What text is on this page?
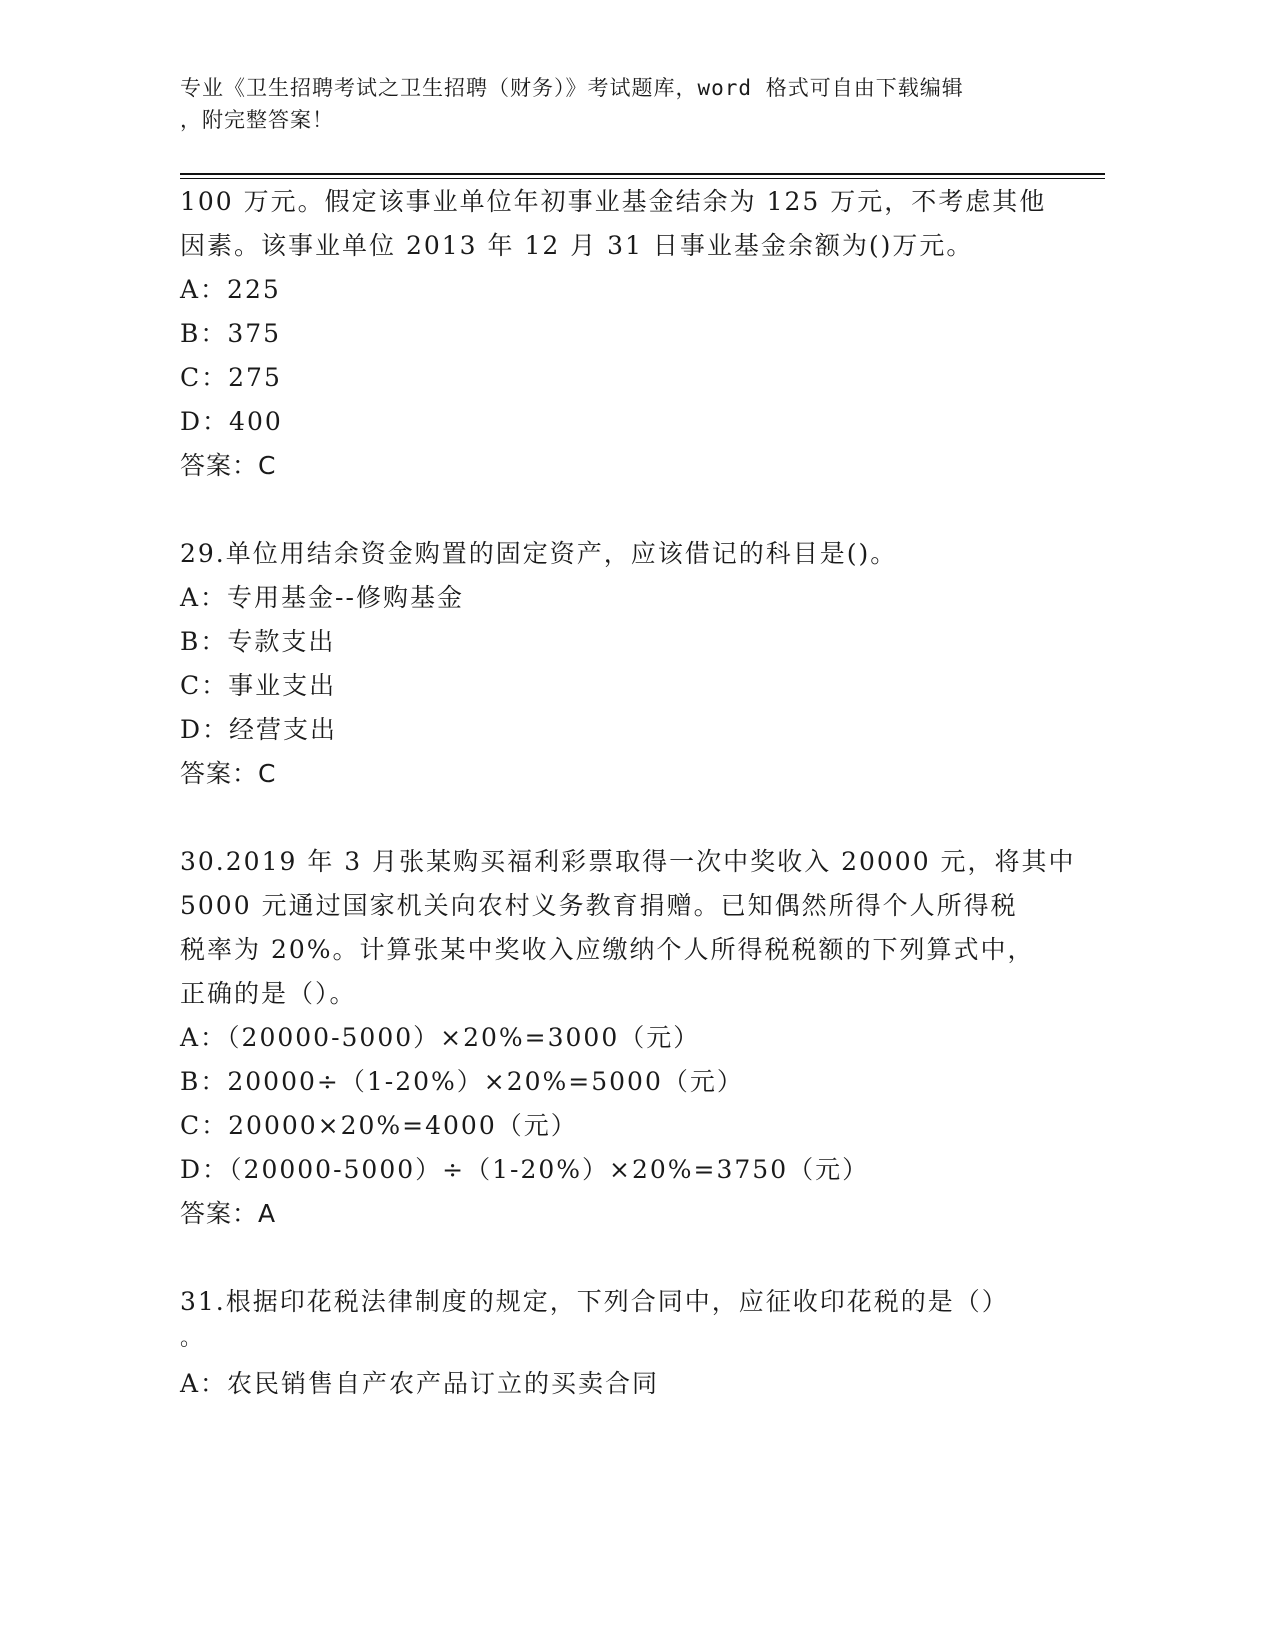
专业《卫生招聘考试之卫生招聘（财务）》考试题库，word 格式可自由下载编辑
，附完整答案！
100 万元。假定该事业单位年初事业基金结余为 125 万元，不考虑其他
因素。该事业单位 2013 年 12 月 31 日事业基金余额为()万元。
A：225
B：375
C：275
D：400
答案：C
29.单位用结余资金购置的固定资产，应该借记的科目是()。
A：专用基金--修购基金
B：专款支出
C：事业支出
D：经营支出
答案：C
30.2019 年 3 月张某购买福利彩票取得一次中奖收入 20000 元，将其中
5000 元通过国家机关向农村义务教育捐赠。已知偶然所得个人所得税
税率为 20%。计算张某中奖收入应缴纳个人所得税税额的下列算式中，
正确的是（）。
A：（20000-5000）×20%=3000（元）
B：20000÷（1-20%）×20%=5000（元）
C：20000×20%=4000（元）
D：（20000-5000）÷（1-20%）×20%=3750（元）
答案：A
31.根据印花税法律制度的规定，下列合同中，应征收印花税的是（）
。
A：农民销售自产农产品订立的买卖合同
